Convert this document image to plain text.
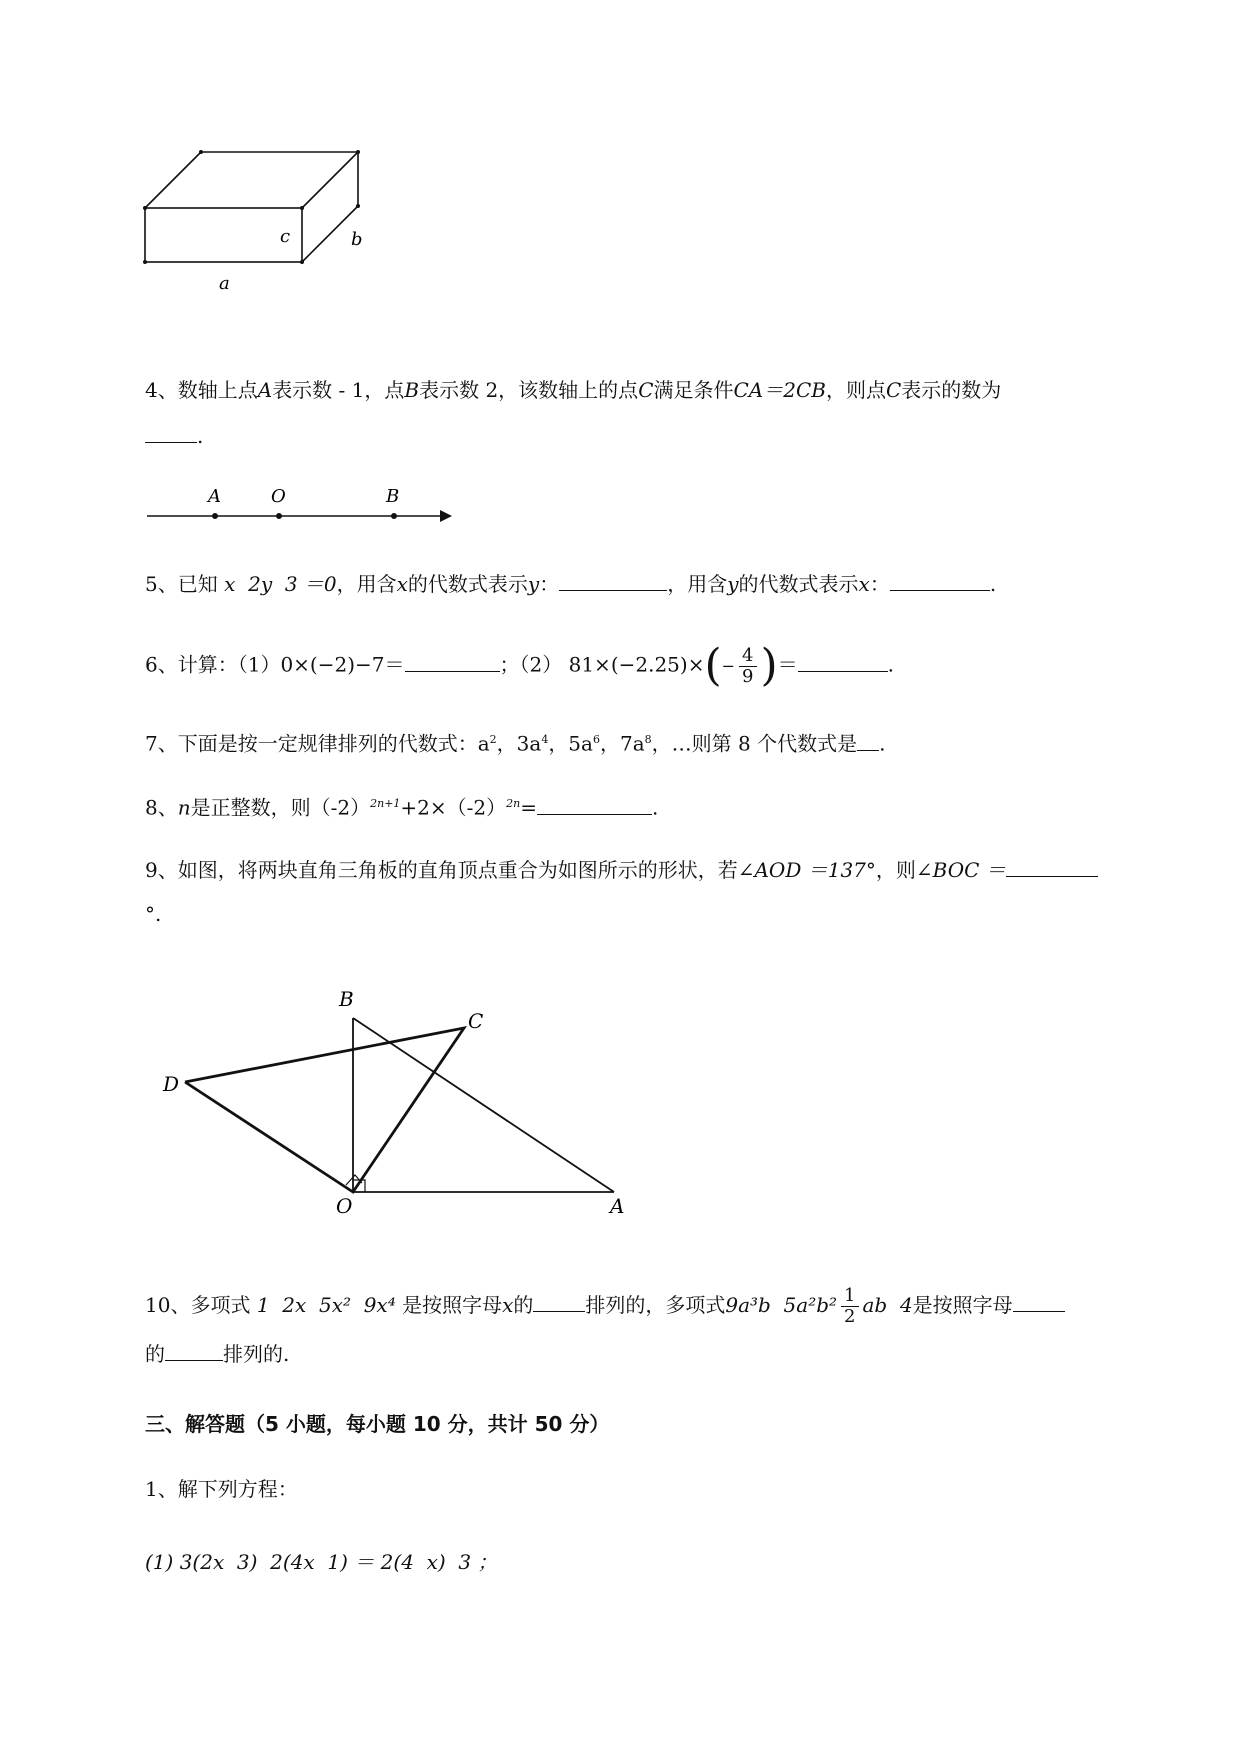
c	b
a
4、数轴上点A表示数 - 1，点B表示数 2，该数轴上的点C满足条件CA＝2CB，则点C表示的数为
.
A	O	B
5、已知 x  2y  3 ＝0，用含x的代数式表示y：	，用含y的代数式表示x：	.
6、计算：（1）0×(−2)−7＝	；（2） $81\times(-2.25)\times(- \frac{4}{9}$ )＝	.
7、下面是按一定规律排列的代数式：$a^2$，$3a^4$，$5a^6$，$7a^8$，…则第 8 个代数式是 .
8、n是正整数，则$(-2)^{2n+1}+2\times(-2)^{2n}=$	.
9、如图，将两块直角三角板的直角顶点重合为如图所示的形状，若∠AOD ＝137°，则∠BOC ＝
°.
B
C
D
O	A
10、多项式 1  2x  5x²  9x⁴ 是按照字母x的	排列的，多项式9a³b  $5a^2b^2 \frac{1}{2}$ ab  4是按照字母
的	排列的.
三、解答题（5 小题，每小题 10 分，共计 50 分）
1、解下列方程：
(1) 3(2x  3)  2(4x  1) ＝ 2(4  x)  3 ；
